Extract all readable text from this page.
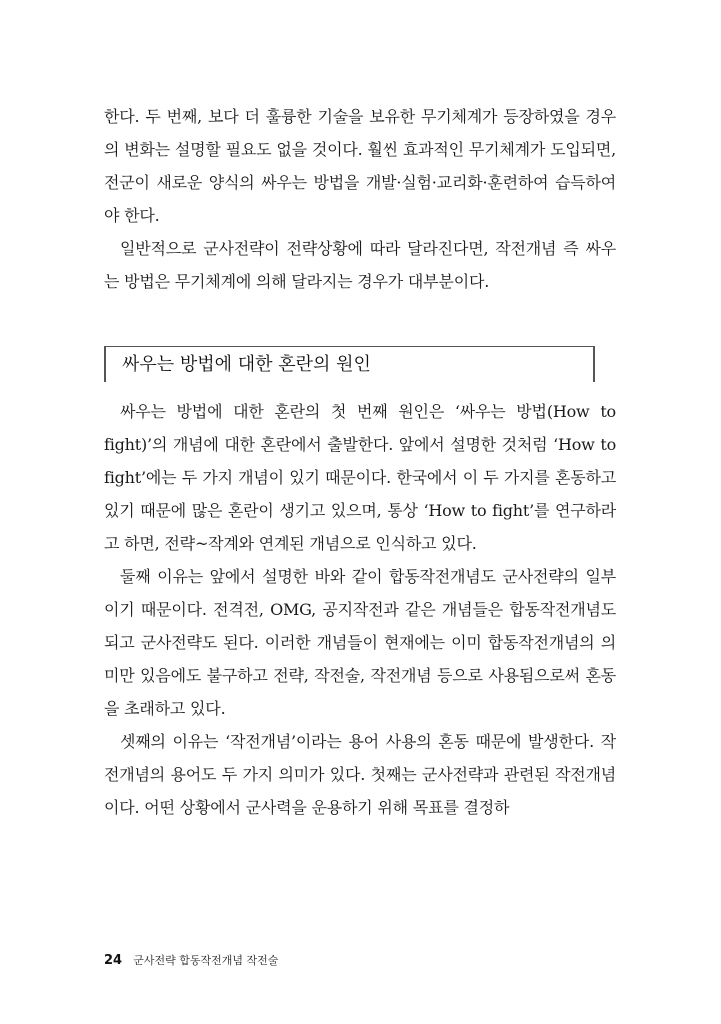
한다. 두 번째, 보다 더 훌륭한 기술을 보유한 무기체계가 등장하였을 경우의 변화는 설명할 필요도 없을 것이다. 훨씬 효과적인 무기체계가 도입되면, 전군이 새로운 양식의 싸우는 방법을 개발·실험·교리화·훈련하여 습득하여야 한다.

일반적으로 군사전략이 전략상황에 따라 달라진다면, 작전개념 즉 싸우는 방법은 무기체계에 의해 달라지는 경우가 대부분이다.

싸우는 방법에 대한 혼란의 원인

싸우는 방법에 대한 혼란의 첫 번째 원인은 ‘싸우는 방법(How to fight)’의 개념에 대한 혼란에서 출발한다. 앞에서 설명한 것처럼 ‘How to fight’에는 두 가지 개념이 있기 때문이다. 한국에서 이 두 가지를 혼동하고 있기 때문에 많은 혼란이 생기고 있으며, 통상 ‘How to fight’를 연구하라고 하면, 전략~작계와 연계된 개념으로 인식하고 있다.

둘째 이유는 앞에서 설명한 바와 같이 합동작전개념도 군사전략의 일부이기 때문이다. 전격전, OMG, 공지작전과 같은 개념들은 합동작전개념도 되고 군사전략도 된다. 이러한 개념들이 현재에는 이미 합동작전개념의 의미만 있음에도 불구하고 전략, 작전술, 작전개념 등으로 사용됨으로써 혼동을 초래하고 있다.

셋째의 이유는 ‘작전개념’이라는 용어 사용의 혼동 때문에 발생한다. 작전개념의 용어도 두 가지 의미가 있다. 첫째는 군사전략과 관련된 작전개념이다. 어떤 상황에서 군사력을 운용하기 위해 목표를 결정하

24 군사전략 합동작전개념 작전술
